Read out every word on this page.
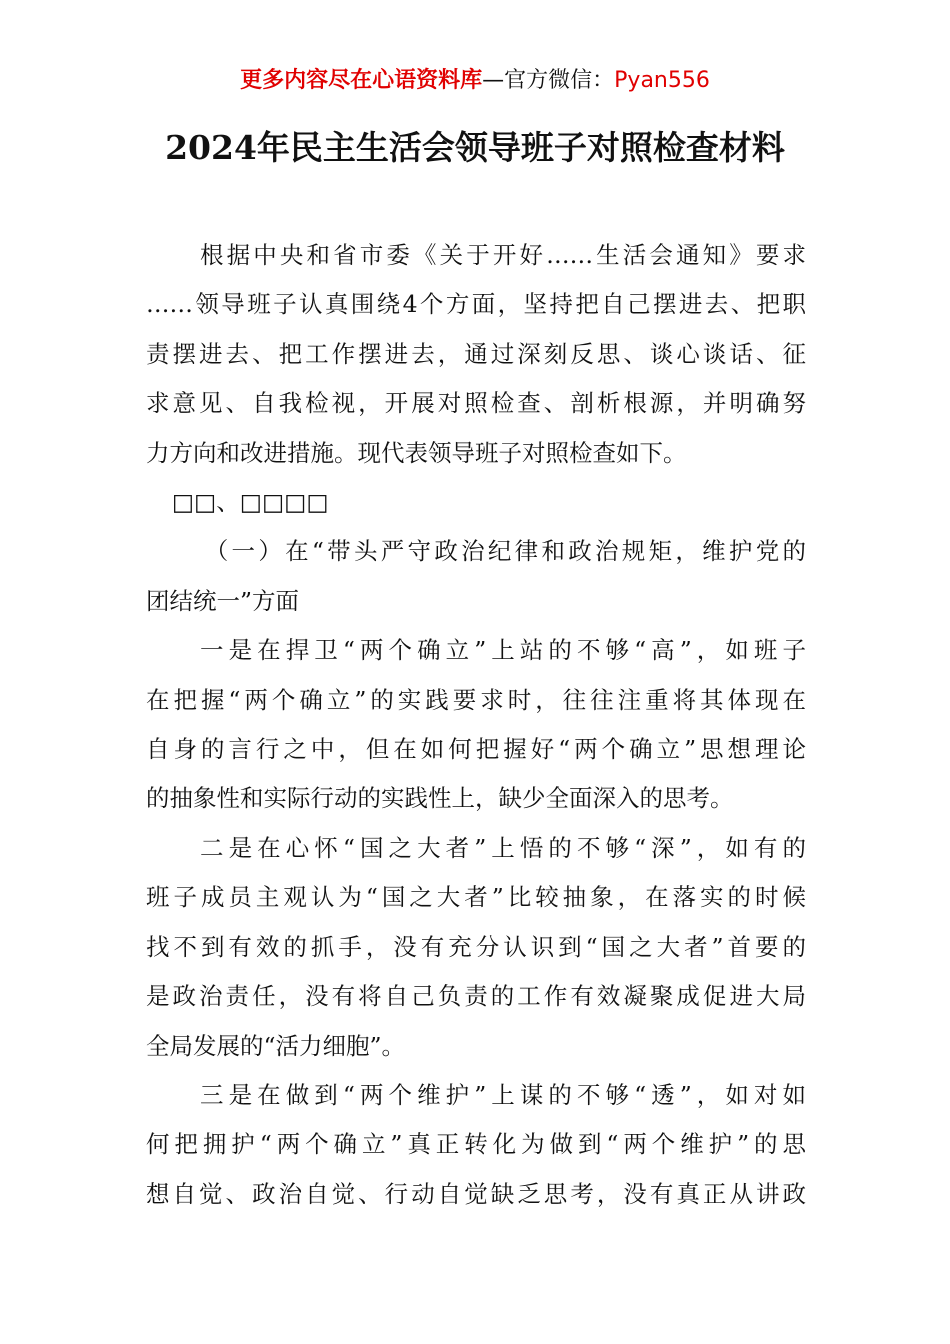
更多内容尽在心语资料库—官方微信：Pyan556
2024年民主生活会领导班子对照检查材料

根据中央和省市委《关于开好……生活会通知》要求
……领导班子认真围绕4个方面，坚持把自己摆进去、把职
责摆进去、把工作摆进去，通过深刻反思、谈心谈话、征
求意见、自我检视，开展对照检查、剖析根源，并明确努
力方向和改进措施。现代表领导班子对照检查如下。

□□、□□□□

（一）在“带头严守政治纪律和政治规矩，维护党的
团结统一”方面

一是在捍卫“两个确立”上站的不够“高”，如班子
在把握“两个确立”的实践要求时，往往注重将其体现在
自身的言行之中，但在如何把握好“两个确立”思想理论
的抽象性和实际行动的实践性上，缺少全面深入的思考。

二是在心怀“国之大者”上悟的不够“深”，如有的
班子成员主观认为“国之大者”比较抽象，在落实的时候
找不到有效的抓手，没有充分认识到“国之大者”首要的
是政治责任，没有将自己负责的工作有效凝聚成促进大局
全局发展的“活力细胞”。

三是在做到“两个维护”上谋的不够“透”，如对如
何把拥护“两个确立”真正转化为做到“两个维护”的思
想自觉、政治自觉、行动自觉缺乏思考，没有真正从讲政
